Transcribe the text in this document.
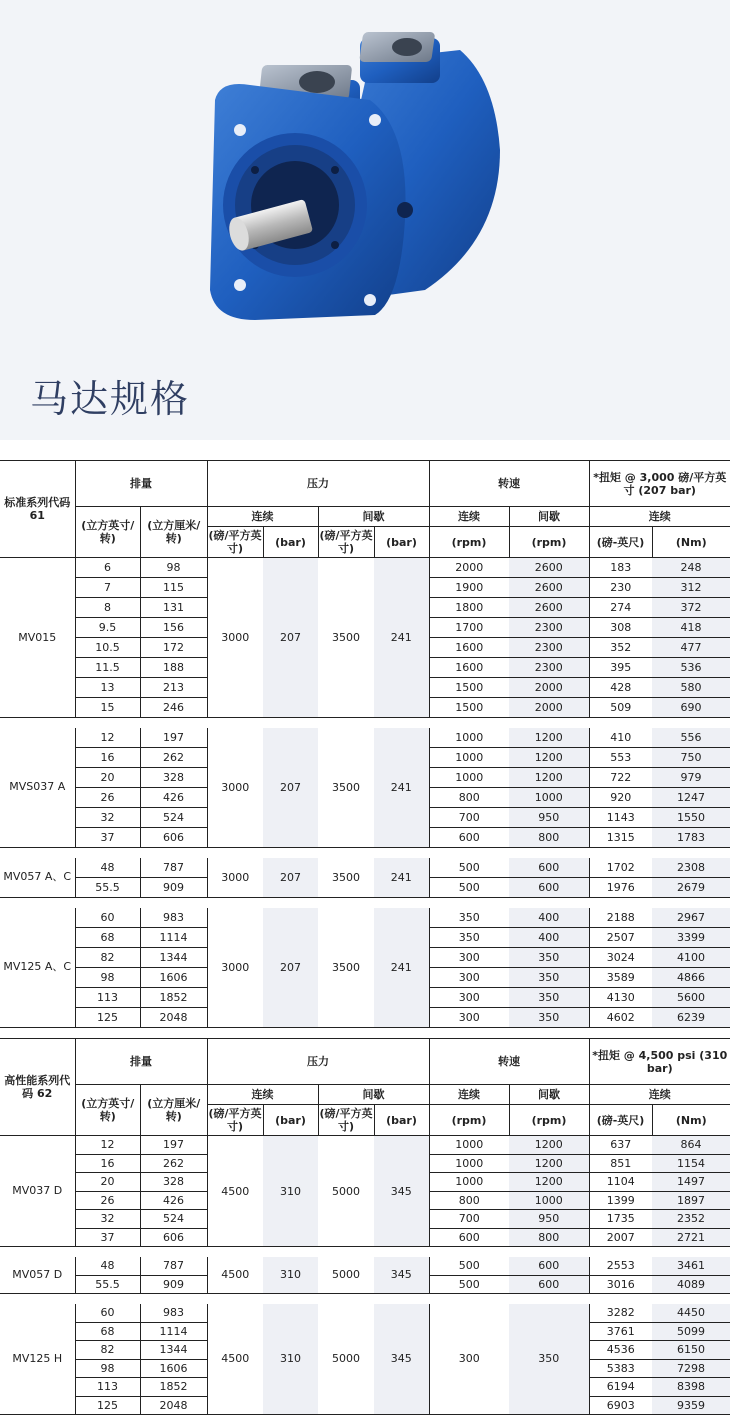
马达规格
标准系列代码 61	排量		压力				转速		*扭矩 @ 3,000 磅/平方英寸 (207 bar)	

(立方英寸/转)
(立方厘米/转)		连续		间歇		连续	间歇	连续	
			(磅/平方英寸)	(bar)	(磅/平方英寸)	(bar)	(rpm)	(rpm)	(磅-英尺)	(Nm)
MV015	6	98	3000	207	3500	241	2000	2600	183	248
	7	115					1900	2600	230	312
	8	131					1800	2600	274	372
	9.5	156					1700	2300	308	418
	10.5	172					1600	2300	352	477
	11.5	188					1600	2300	395	536
	13	213					1500	2000	428	580
	15	246					1500	2000	509	690

MVS037 A	12	197	3000	207	3500	241	1000	1200	410	556
	16	262					1000	1200	553	750
	20	328					1000	1200	722	979
	26	426					800	1000	920	1247
	32	524					700	950	1143	1550
	37	606					600	800	1315	1783

MV057 A、C	48	787	3000	207	3500	241	500	600	1702	2308
	55.5	909					500	600	1976	2679

MV125 A、C	60	983	3000	207	3500	241	350	400	2188	2967
	68	1114					350	400	2507	3399
	82	1344					300	350	3024	4100
	98	1606					300	350	3589	4866
	113	1852					300	350	4130	5600
	125	2048					300	350	4602	6239
高性能系列代码 62	排量		压力				转速		*扭矩 @ 4,500 psi (310 bar)	

(立方英寸/转)
(立方厘米/转)		连续		间歇		连续	间歇	连续	
			(磅/平方英寸)	(bar)	(磅/平方英寸)	(bar)	(rpm)	(rpm)	(磅-英尺)	(Nm)
MV037 D	12	197	4500	310	5000	345	1000	1200	637	864
	16	262					1000	1200	851	1154
	20	328					1000	1200	1104	1497
	26	426					800	1000	1399	1897
	32	524					700	950	1735	2352
	37	606					600	800	2007	2721

MV057 D	48	787	4500	310	5000	345	500	600	2553	3461
	55.5	909					500	600	3016	4089

MV125 H	60	983	4500	310	5000	345	300	350	3282	4450
	68	1114							3761	5099
	82	1344							4536	6150
	98	1606							5383	7298
	113	1852							6194	8398
	125	2048							6903	9359
